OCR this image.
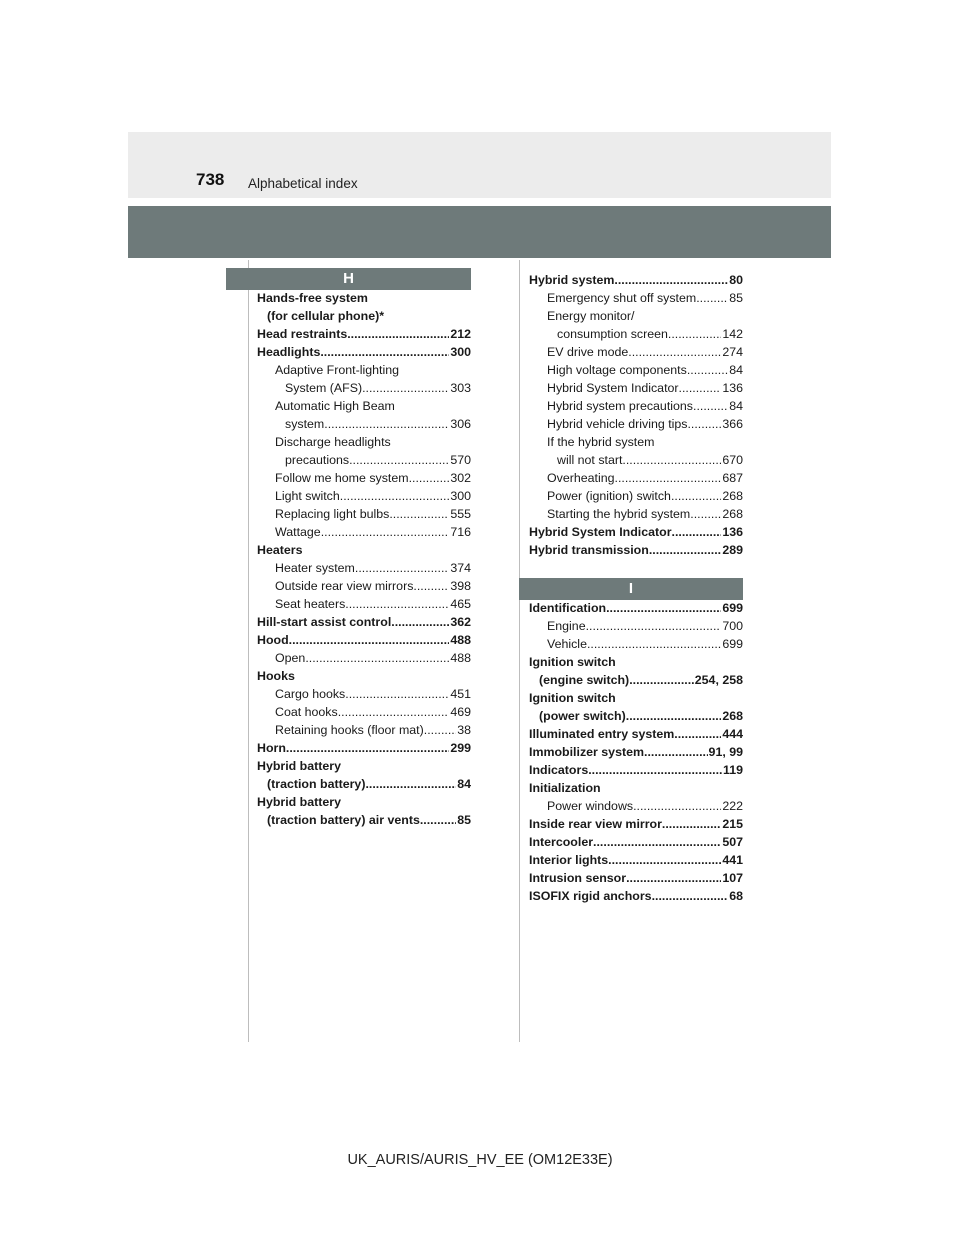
738 Alphabetical index
H
I
Hands-free system
(for cellular phone)*
Head restraints .....	212
Headlights .....	300
Adaptive Front-lighting
System (AFS) .....	303
Automatic High Beam
system .....	306
Discharge headlights
precautions .....	570
Follow me home system .....	302
Light switch .....	300
Replacing light bulbs .....	555
Wattage .....	716
Heaters
Heater system .....	374
Outside rear view mirrors .....	398
Seat heaters .....	465
Hill-start assist control .....	362
Hood .....	488
Open .....	488
Hooks
Cargo hooks .....	451
Coat hooks .....	469
Retaining hooks (floor mat) .....	38
Horn .....	299
Hybrid battery
(traction battery) .....	84
Hybrid battery
(traction battery) air vents .....	85
Hybrid system .....	80
Emergency shut off system .....	85
Energy monitor/
consumption screen .....	142
EV drive mode .....	274
High voltage components .....	84
Hybrid System Indicator .....	136
Hybrid system precautions .....	84
Hybrid vehicle driving tips .....	366
If the hybrid system
will not start .....	670
Overheating .....	687
Power (ignition) switch .....	268
Starting the hybrid system .....	268
Hybrid System Indicator .....	136
Hybrid transmission .....	289
Identification .....	699
Engine .....	700
Vehicle .....	699
Ignition switch
(engine switch) .....	254, 258
Ignition switch
(power switch) .....	268
Illuminated entry system .....	444
Immobilizer system .....	91, 99
Indicators .....	119
Initialization
Power windows .....	222
Inside rear view mirror .....	215
Intercooler .....	507
Interior lights .....	441
Intrusion sensor .....	107
ISOFIX rigid anchors .....	68
UK_AURIS/AURIS_HV_EE (OM12E33E)
